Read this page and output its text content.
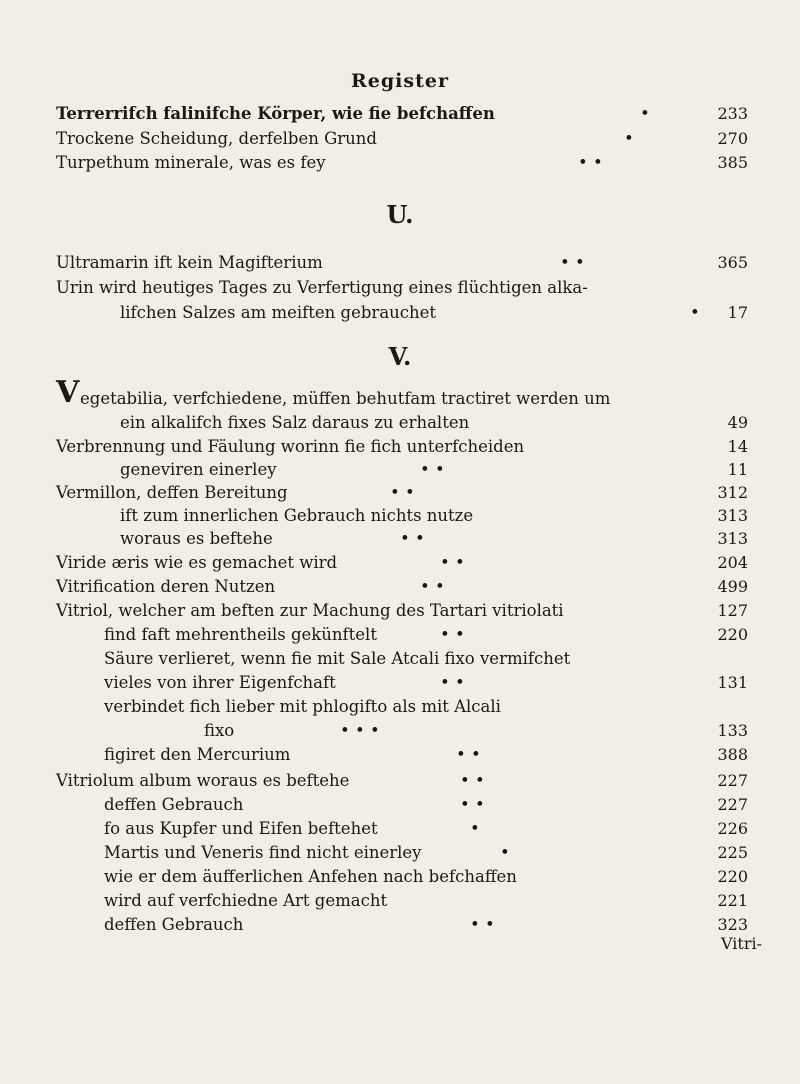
Register
Terrerrifch falinifche Körper, wie fie befchaffen	•	233
Trockene Scheidung, derfelben Grund	•	270
Turpethum minerale, was es fey	• •	385
U.
Ultramarin ift kein Magifterium	• •	365
Urin wird heutiges Tages zu Verfertigung eines flüchtigen alka-
lifchen Salzes am meiften gebrauchet	•	17
V.
V egetabilia, verfchiedene, müffen behutfam tractiret werden um
ein alkalifch fixes Salz daraus zu erhalten	49
Verbrennung und Fäulung worinn fie fich unterfcheiden	14
geneviren einerley	• •	11
Vermillon, deffen Bereitung	• •	312
ift zum innerlichen Gebrauch nichts nutze	313
woraus es beftehe	• •	313
Viride æris wie es gemachet wird	• •	204
Vitrification deren Nutzen	• •	499
Vitriol, welcher am beften zur Machung des Tartari vitriolati	127
find faft mehrentheils gekünftelt	• •	220
Säure verlieret, wenn fie mit Sale Atcali fixo vermifchet
vieles von ihrer Eigenfchaft	• •	131
verbindet fich lieber mit phlogifto als mit Alcali
fixo	• • •	133
figiret den Mercurium	• •	388
Vitriolum album woraus es beftehe	• •	227
deffen Gebrauch	• •	227
fo aus Kupfer und Eifen beftehet	•	226
Martis und Veneris find nicht einerley	•	225
wie er dem äufferlichen Anfehen nach befchaffen	220
wird auf verfchiedne Art gemacht	221
deffen Gebrauch	• •	323
Vitri-
